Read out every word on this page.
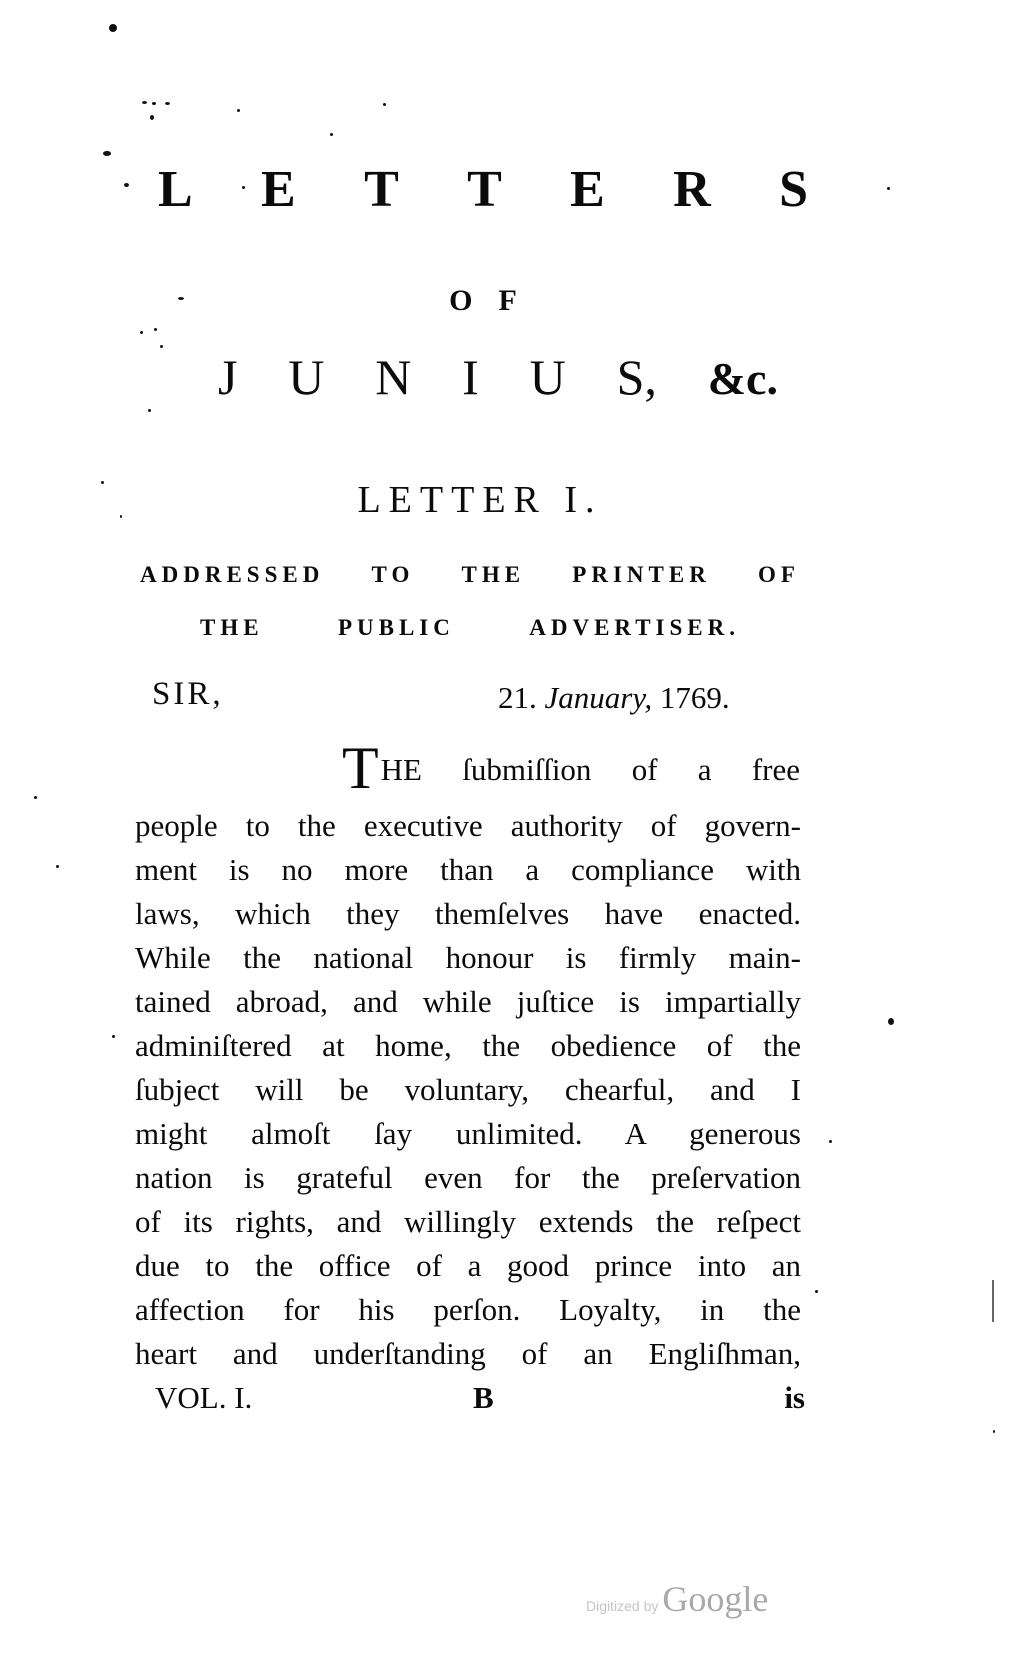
L E T T E R S
OF
J U N I U S, &c.
LETTER I.
ADDRESSED TO THE PRINTER OF
THE	PUBLIC	ADVERTISER.
SIR,	21. January, 1769.
THE ſubmiſſion of a free
people to the executive authority of govern-
ment is no more than a compliance with
laws, which they themſelves have enacted.
While the national honour is firmly main-
tained abroad, and while juſtice is impartially
adminiſtered at home, the obedience of the
ſubject will be voluntary, chearful, and I
might almoſt ſay unlimited. A generous
nation is grateful even for the preſervation
of its rights, and willingly extends the reſpect
due to the office of a good prince into an
affection for his perſon. Loyalty, in the
heart and underſtanding of an Engliſhman,
VOL. I.	B	is
Digitized by Google
